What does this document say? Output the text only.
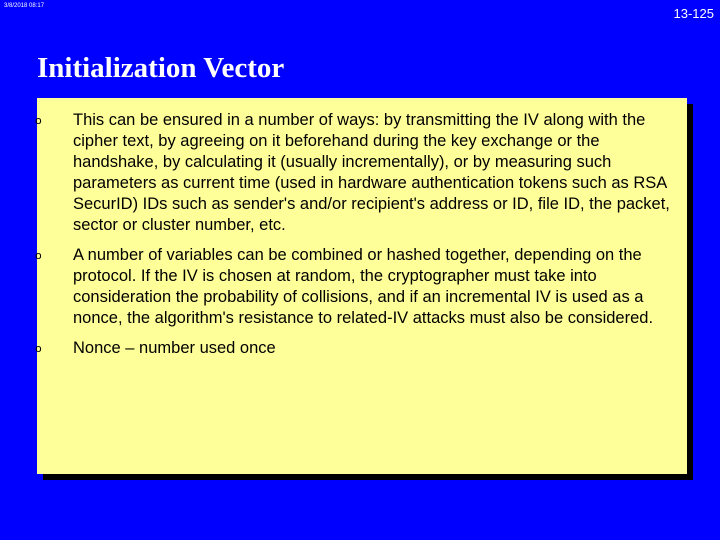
3/8/2018 08:17	13-125
Initialization Vector
o This can be ensured in a number of ways: by transmitting the IV along with the cipher text, by agreeing on it beforehand during the key exchange or the handshake, by calculating it (usually incrementally), or by measuring such parameters as current time (used in hardware authentication tokens such as RSA SecurID) IDs such as sender's and/or recipient's address or ID, file ID, the packet, sector or cluster number, etc.
o A number of variables can be combined or hashed together, depending on the protocol. If the IV is chosen at random, the cryptographer must take into consideration the probability of collisions, and if an incremental IV is used as a nonce, the algorithm's resistance to related-IV attacks must also be considered.
o Nonce – number used once
